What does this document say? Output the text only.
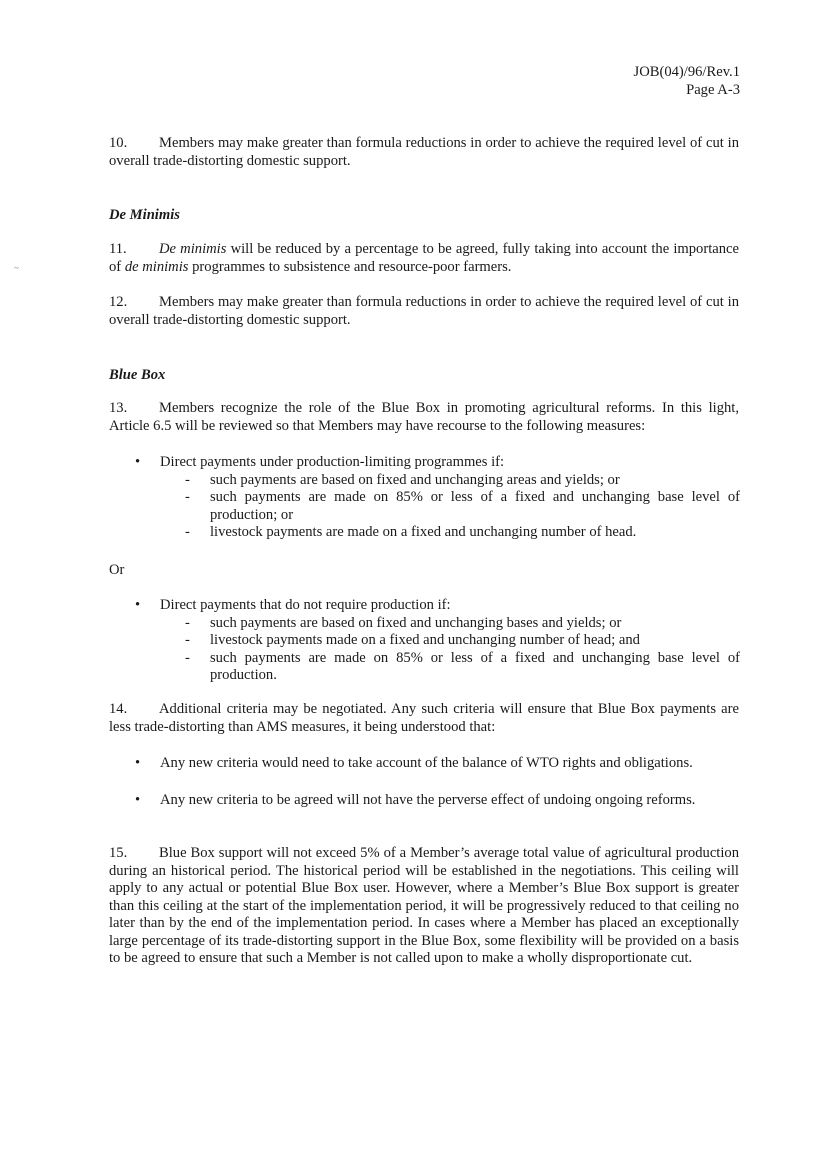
JOB(04)/96/Rev.1
Page A-3
10. Members may make greater than formula reductions in order to achieve the required level of cut in overall trade-distorting domestic support.
De Minimis
~
11. De minimis will be reduced by a percentage to be agreed, fully taking into account the importance of de minimis programmes to subsistence and resource-poor farmers.
12. Members may make greater than formula reductions in order to achieve the required level of cut in overall trade-distorting domestic support.
Blue Box
13. Members recognize the role of the Blue Box in promoting agricultural reforms. In this light, Article 6.5 will be reviewed so that Members may have recourse to the following measures:
• Direct payments under production-limiting programmes if:
- such payments are based on fixed and unchanging areas and yields; or
- such payments are made on 85% or less of a fixed and unchanging base level of production; or
- livestock payments are made on a fixed and unchanging number of head.
Or
• Direct payments that do not require production if:
- such payments are based on fixed and unchanging bases and yields; or
- livestock payments made on a fixed and unchanging number of head; and
- such payments are made on 85% or less of a fixed and unchanging base level of production.
14. Additional criteria may be negotiated. Any such criteria will ensure that Blue Box payments are less trade-distorting than AMS measures, it being understood that:
• Any new criteria would need to take account of the balance of WTO rights and obligations.
• Any new criteria to be agreed will not have the perverse effect of undoing ongoing reforms.
15. Blue Box support will not exceed 5% of a Member’s average total value of agricultural production during an historical period. The historical period will be established in the negotiations. This ceiling will apply to any actual or potential Blue Box user. However, where a Member’s Blue Box support is greater than this ceiling at the start of the implementation period, it will be progressively reduced to that ceiling no later than by the end of the implementation period. In cases where a Member has placed an exceptionally large percentage of its trade-distorting support in the Blue Box, some flexibility will be provided on a basis to be agreed to ensure that such a Member is not called upon to make a wholly disproportionate cut.
